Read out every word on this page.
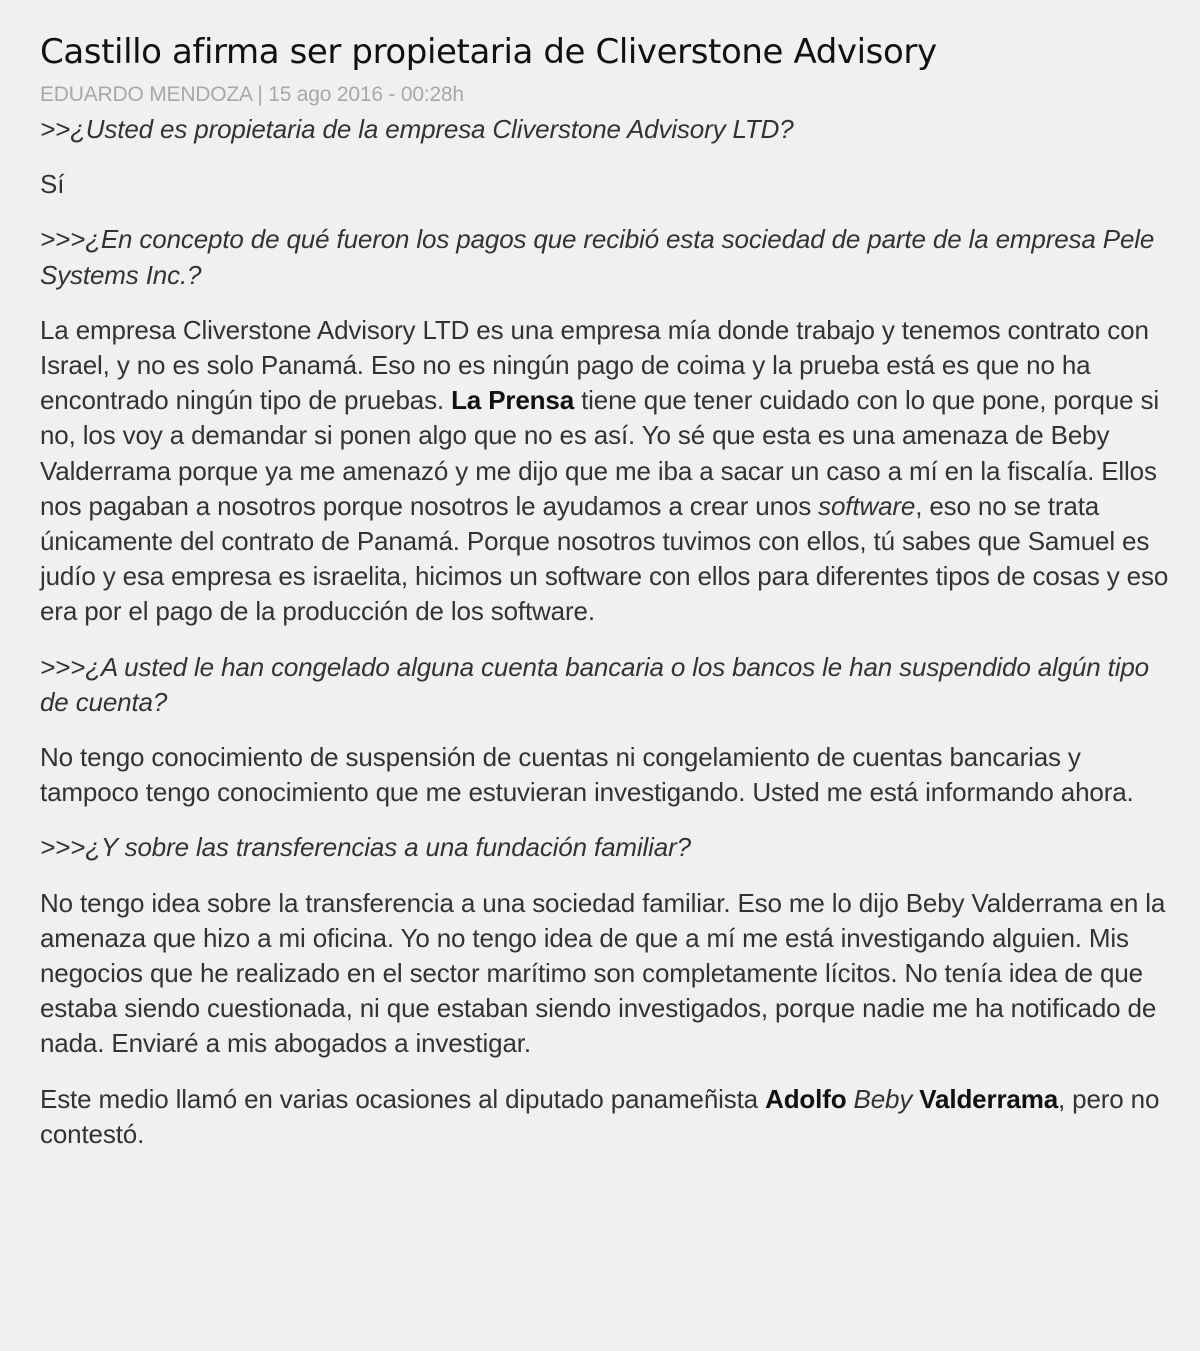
Castillo afirma ser propietaria de Cliverstone Advisory
EDUARDO MENDOZA | 15 ago 2016 - 00:28h

>>¿Usted es propietaria de la empresa Cliverstone Advisory LTD?

Sí

>>>¿En concepto de qué fueron los pagos que recibió esta sociedad de parte de la empresa Pele Systems Inc.?

La empresa Cliverstone Advisory LTD es una empresa mía donde trabajo y tenemos contrato con Israel, y no es solo Panamá. Eso no es ningún pago de coima y la prueba está es que no ha encontrado ningún tipo de pruebas. La Prensa tiene que tener cuidado con lo que pone, porque si no, los voy a demandar si ponen algo que no es así. Yo sé que esta es una amenaza de Beby Valderrama porque ya me amenazó y me dijo que me iba a sacar un caso a mí en la fiscalía. Ellos nos pagaban a nosotros porque nosotros le ayudamos a crear unos software, eso no se trata únicamente del contrato de Panamá. Porque nosotros tuvimos con ellos, tú sabes que Samuel es judío y esa empresa es israelita, hicimos un software con ellos para diferentes tipos de cosas y eso era por el pago de la producción de los software.

>>>¿A usted le han congelado alguna cuenta bancaria o los bancos le han suspendido algún tipo de cuenta?

No tengo conocimiento de suspensión de cuentas ni congelamiento de cuentas bancarias y tampoco tengo conocimiento que me estuvieran investigando. Usted me está informando ahora.

>>>¿Y sobre las transferencias a una fundación familiar?

No tengo idea sobre la transferencia a una sociedad familiar. Eso me lo dijo Beby Valderrama en la amenaza que hizo a mi oficina. Yo no tengo idea de que a mí me está investigando alguien. Mis negocios que he realizado en el sector marítimo son completamente lícitos. No tenía idea de que estaba siendo cuestionada, ni que estaban siendo investigados, porque nadie me ha notificado de nada. Enviaré a mis abogados a investigar.

Este medio llamó en varias ocasiones al diputado panameñista Adolfo Beby Valderrama, pero no contestó.
